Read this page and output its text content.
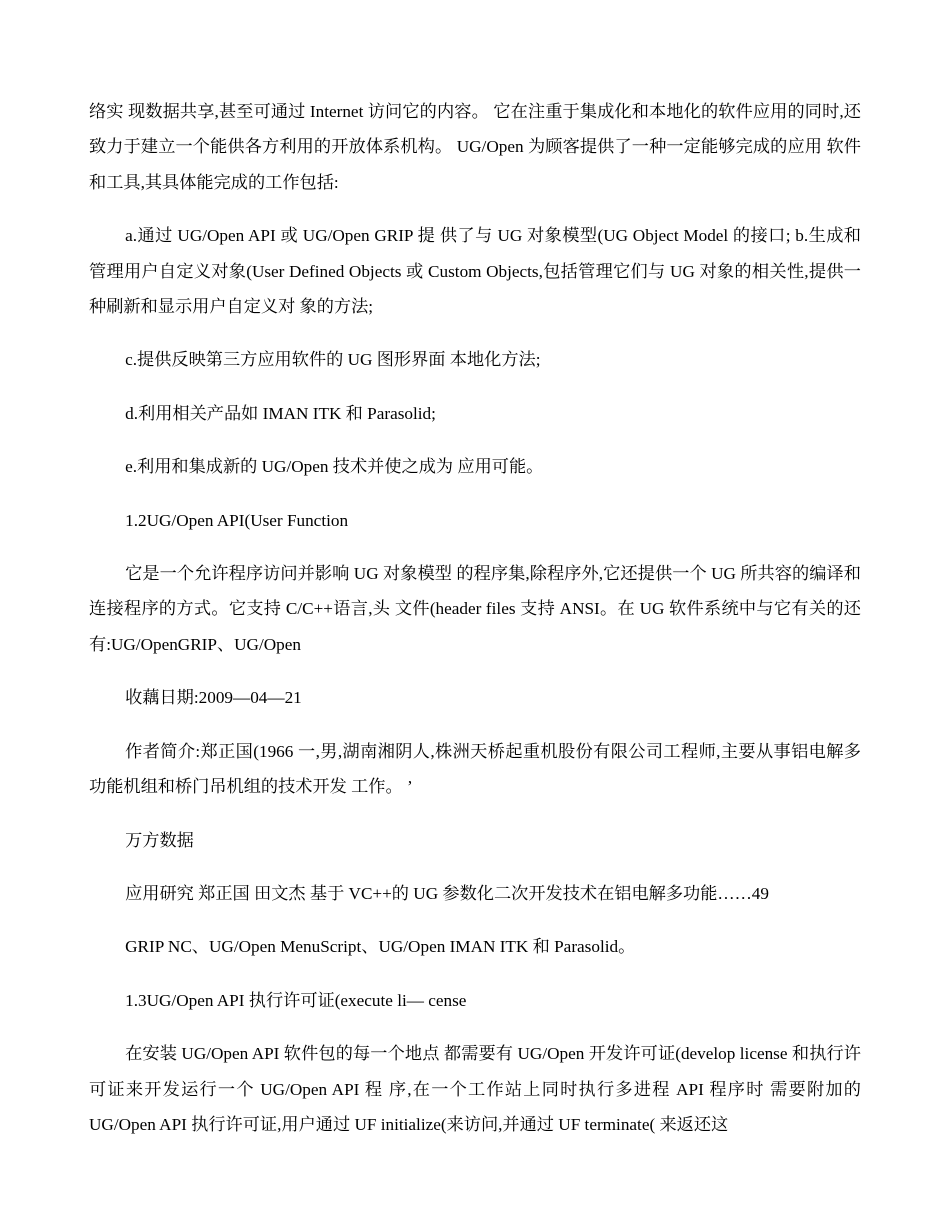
络实 现数据共享,甚至可通过 Internet 访问它的内容。 它在注重于集成化和本地化的软件应用的同时,还 致力于建立一个能供各方利用的开放体系机构。 UG/Open 为顾客提供了一种一定能够完成的应用 软件和工具,其具体能完成的工作包括:

a.通过 UG/Open API 或 UG/Open GRIP 提 供了与 UG 对象模型(UG Object Model 的接口; b.生成和管理用户自定义对象(User Defined Objects 或 Custom Objects,包括管理它们与 UG 对象的相关性,提供一种刷新和显示用户自定义对 象的方法;

c.提供反映第三方应用软件的 UG 图形界面 本地化方法;

d.利用相关产品如 IMAN ITK 和 Parasolid;

e.利用和集成新的 UG/Open 技术并使之成为 应用可能。

1.2UG/Open API(User Function

它是一个允许程序访问并影响 UG 对象模型 的程序集,除程序外,它还提供一个 UG 所共容的编译和连接程序的方式。它支持 C/C++语言,头 文件(header files 支持 ANSI。在 UG 软件系统中与它有关的还有:UG/OpenGRIP、UG/Open

收藕日期:2009—04—21

作者简介:郑正国(1966 一,男,湖南湘阴人,株洲天桥起重机股份有限公司工程师,主要从事铝电解多功能机组和桥门吊机组的技术开发 工作。 ’

万方数据

应用研究 郑正国 田文杰 基于 VC++的 UG 参数化二次开发技术在铝电解多功能……49

GRIP NC、UG/Open MenuScript、UG/Open IMAN ITK 和 Parasolid。

1.3UG/Open API 执行许可证(execute li— cense

在安装 UG/Open API 软件包的每一个地点 都需要有 UG/Open 开发许可证(develop license 和执行许可证来开发运行一个 UG/Open API 程 序,在一个工作站上同时执行多进程 API 程序时 需要附加的 UG/Open API 执行许可证,用户通过 UF initialize(来访问,并通过 UF terminate( 来返还这
